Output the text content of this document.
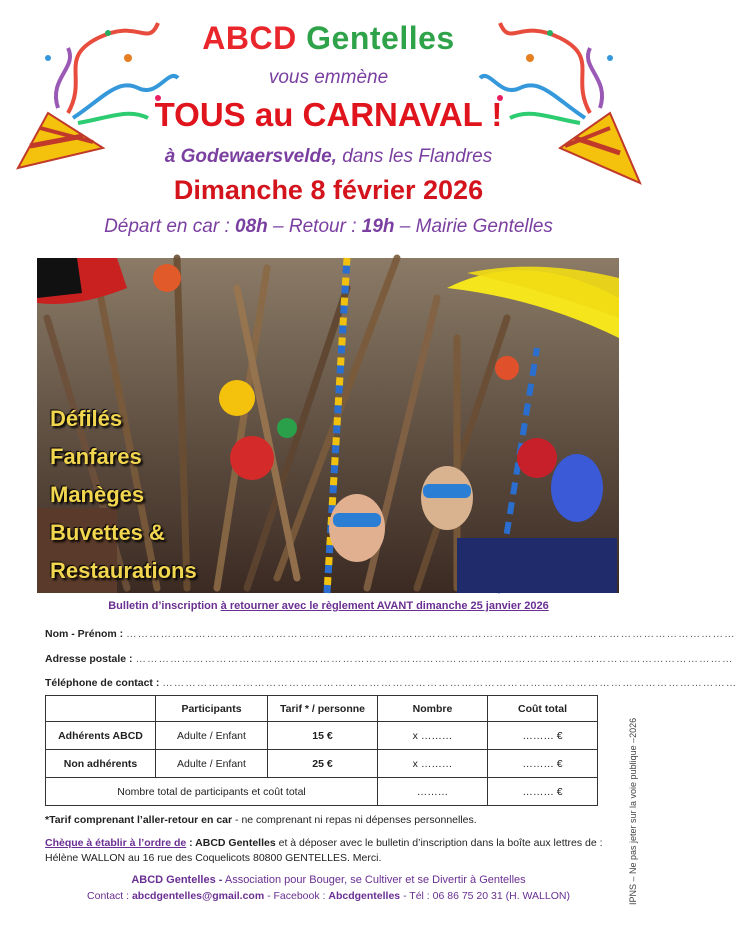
ABCD Gentelles
vous emmène
TOUS au CARNAVAL !
à Godewaersvelde, dans les Flandres
Dimanche 8 février 2026
Départ en car : 08h – Retour : 19h – Mairie Gentelles
Défilés
Fanfares
Manèges
Buvettes &
Restaurations
Bulletin d’inscription à retourner avec le règlement AVANT dimanche 25 janvier 2026
Nom - Prénom : ……………………………………………………………………………………………………………………………………………
Adresse postale : …………………………………………………………………………………………………………………………………………
Téléphone de contact : ……………………………………………………………………………………………………………………………………
	Participants	Tarif * / personne	Nombre	Coût total
Adhérents ABCD	Adulte / Enfant	15 €	x ………	……… €
Non adhérents	Adulte / Enfant	25 €	x ………	……… €
Nombre total de participants et coût total			………	……… €
*Tarif comprenant l’aller-retour en car - ne comprenant ni repas ni dépenses personnelles.
Chèque à établir à l’ordre de : ABCD Gentelles et à déposer avec le bulletin d’inscription dans la boîte aux lettres de : Hélène WALLON au 16 rue des Coquelicots 80800 GENTELLES. Merci.
ABCD Gentelles - Association pour Bouger, se Cultiver et se Divertir à Gentelles
Contact : abcdgentelles@gmail.com - Facebook : Abcdgentelles - Tél : 06 86 75 20 31 (H. WALLON)	IPNS – Ne pas jeter sur la voie publique –2026
